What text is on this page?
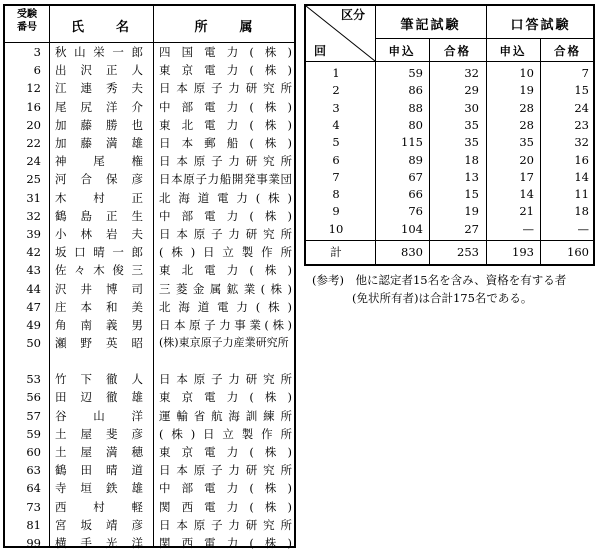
受験
番号	氏　　名	所　　属
3 秋山栄一郎 四国電力(株)
6 出沢正人 東京電力(株)
12 江連秀夫 日本原子力研究所
16 尾尻洋介 中部電力(株)
20 加藤勝也 東北電力(株)
22 加藤満雄 日本郵船(株)
24 神尾権 日本原子力研究所
25 河合保彦 日本原子力船開発事業団
31 木村正 北海道電力(株)
32 鶴島正生 中部電力(株)
39 小林岩夫 日本原子力研究所
42 坂口晴一郎 (株)日立製作所
43 佐々木俊三 東北電力(株)
44 沢井博司 三菱金属鉱業(株)
47 庄本和美 北海道電力(株)
49 角南義男 日本原子力事業(株)
50 瀬野英昭 (株)東京原子力産業研究所
53 竹下徹人 日本原子力研究所
56 田辺徹雄 東京電力(株)
57 谷山洋 運輸省航海訓練所
59 土屋斐彦 (株)日立製作所
60 土屋満穂 東京電力(株)
63 鶴田晴道 日本原子力研究所
64 寺垣鉄雄 中部電力(株)
73 西村軽 関西電力(株)
81 宮坂靖彦 日本原子力研究所
99 横手光洋 関西電力(株)
区分
回
筆記試験	口答試験
申込	合格	申込	合格
1	59	32	10	7
2	86	29	19	15
3	88	30	28	24
4	80	35	28	23
5	115	35	35	32
6	89	18	20	16
7	67	13	17	14
8	66	15	14	11
9	76	19	21	18
10	104	27	—	—
計	830	253	193	160
(参考)　他に認定者15名を含み、資格を有する者
(免状所有者)は合計175名である。
